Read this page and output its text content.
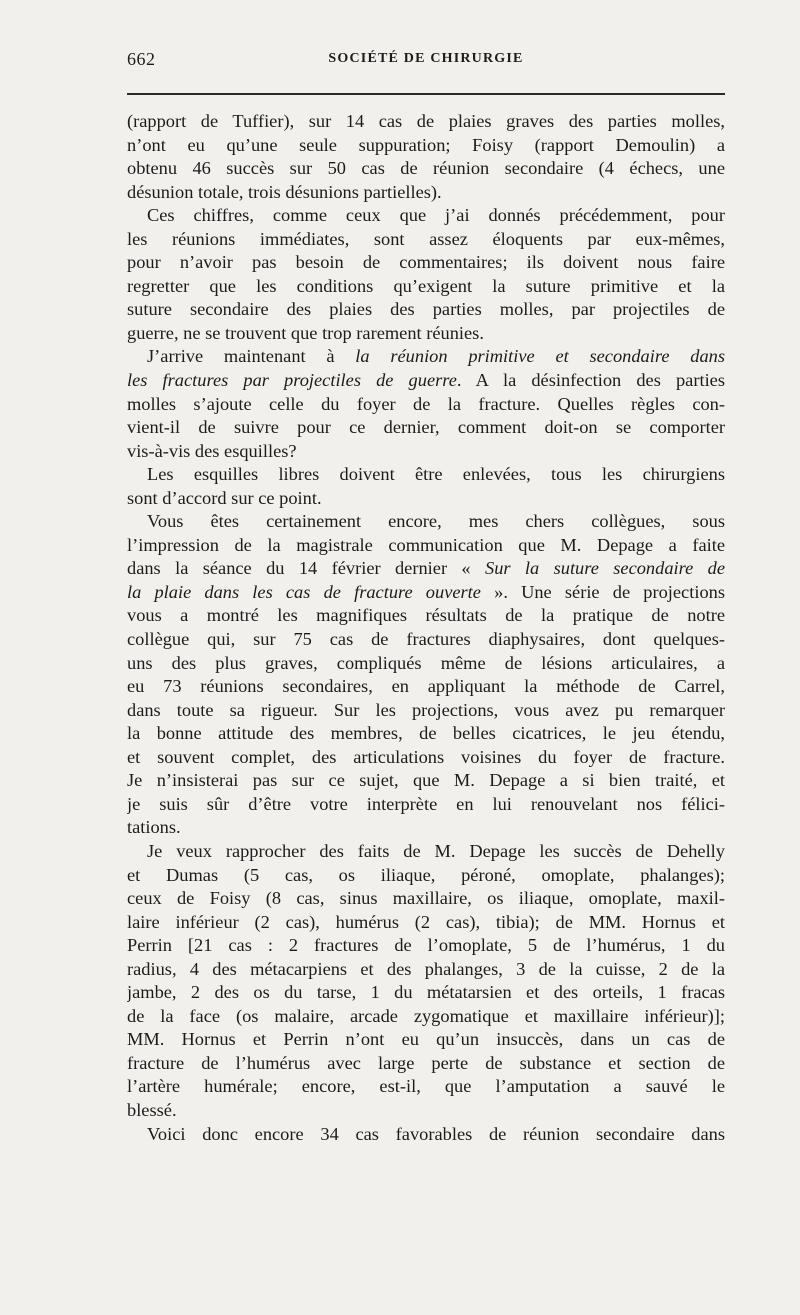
662	SOCIÉTÉ DE CHIRURGIE
(rapport de Tuffier), sur 14 cas de plaies graves des parties molles,
n’ont eu qu’une seule suppuration; Foisy (rapport Demoulin) a
obtenu 46 succès sur 50 cas de réunion secondaire (4 échecs, une
désunion totale, trois désunions partielles).
Ces chiffres, comme ceux que j’ai donnés précédemment, pour
les réunions immédiates, sont assez éloquents par eux-mêmes,
pour n’avoir pas besoin de commentaires; ils doivent nous faire
regretter que les conditions qu’exigent la suture primitive et la
suture secondaire des plaies des parties molles, par projectiles de
guerre, ne se trouvent que trop rarement réunies.
J’arrive maintenant à la réunion primitive et secondaire dans
les fractures par projectiles de guerre. A la désinfection des parties
molles s’ajoute celle du foyer de la fracture. Quelles règles con-
vient-il de suivre pour ce dernier, comment doit-on se comporter
vis-à-vis des esquilles?
Les esquilles libres doivent être enlevées, tous les chirurgiens
sont d’accord sur ce point.
Vous êtes certainement encore, mes chers collègues, sous
l’impression de la magistrale communication que M. Depage a faite
dans la séance du 14 février dernier « Sur la suture secondaire de
la plaie dans les cas de fracture ouverte ». Une série de projections
vous a montré les magnifiques résultats de la pratique de notre
collègue qui, sur 75 cas de fractures diaphysaires, dont quelques-
uns des plus graves, compliqués même de lésions articulaires, a
eu 73 réunions secondaires, en appliquant la méthode de Carrel,
dans toute sa rigueur. Sur les projections, vous avez pu remarquer
la bonne attitude des membres, de belles cicatrices, le jeu étendu,
et souvent complet, des articulations voisines du foyer de fracture.
Je n’insisterai pas sur ce sujet, que M. Depage a si bien traité, et
je suis sûr d’être votre interprète en lui renouvelant nos félici-
tations.
Je veux rapprocher des faits de M. Depage les succès de Dehelly
et Dumas (5 cas, os iliaque, péroné, omoplate, phalanges);
ceux de Foisy (8 cas, sinus maxillaire, os iliaque, omoplate, maxil-
laire inférieur (2 cas), humérus (2 cas), tibia); de MM. Hornus et
Perrin [21 cas : 2 fractures de l’omoplate, 5 de l’humérus, 1 du
radius, 4 des métacarpiens et des phalanges, 3 de la cuisse, 2 de la
jambe, 2 des os du tarse, 1 du métatarsien et des orteils, 1 fracas
de la face (os malaire, arcade zygomatique et maxillaire inférieur)];
MM. Hornus et Perrin n’ont eu qu’un insuccès, dans un cas de
fracture de l’humérus avec large perte de substance et section de
l’artère humérale; encore, est-il, que l’amputation a sauvé le
blessé.
Voici donc encore 34 cas favorables de réunion secondaire dans
